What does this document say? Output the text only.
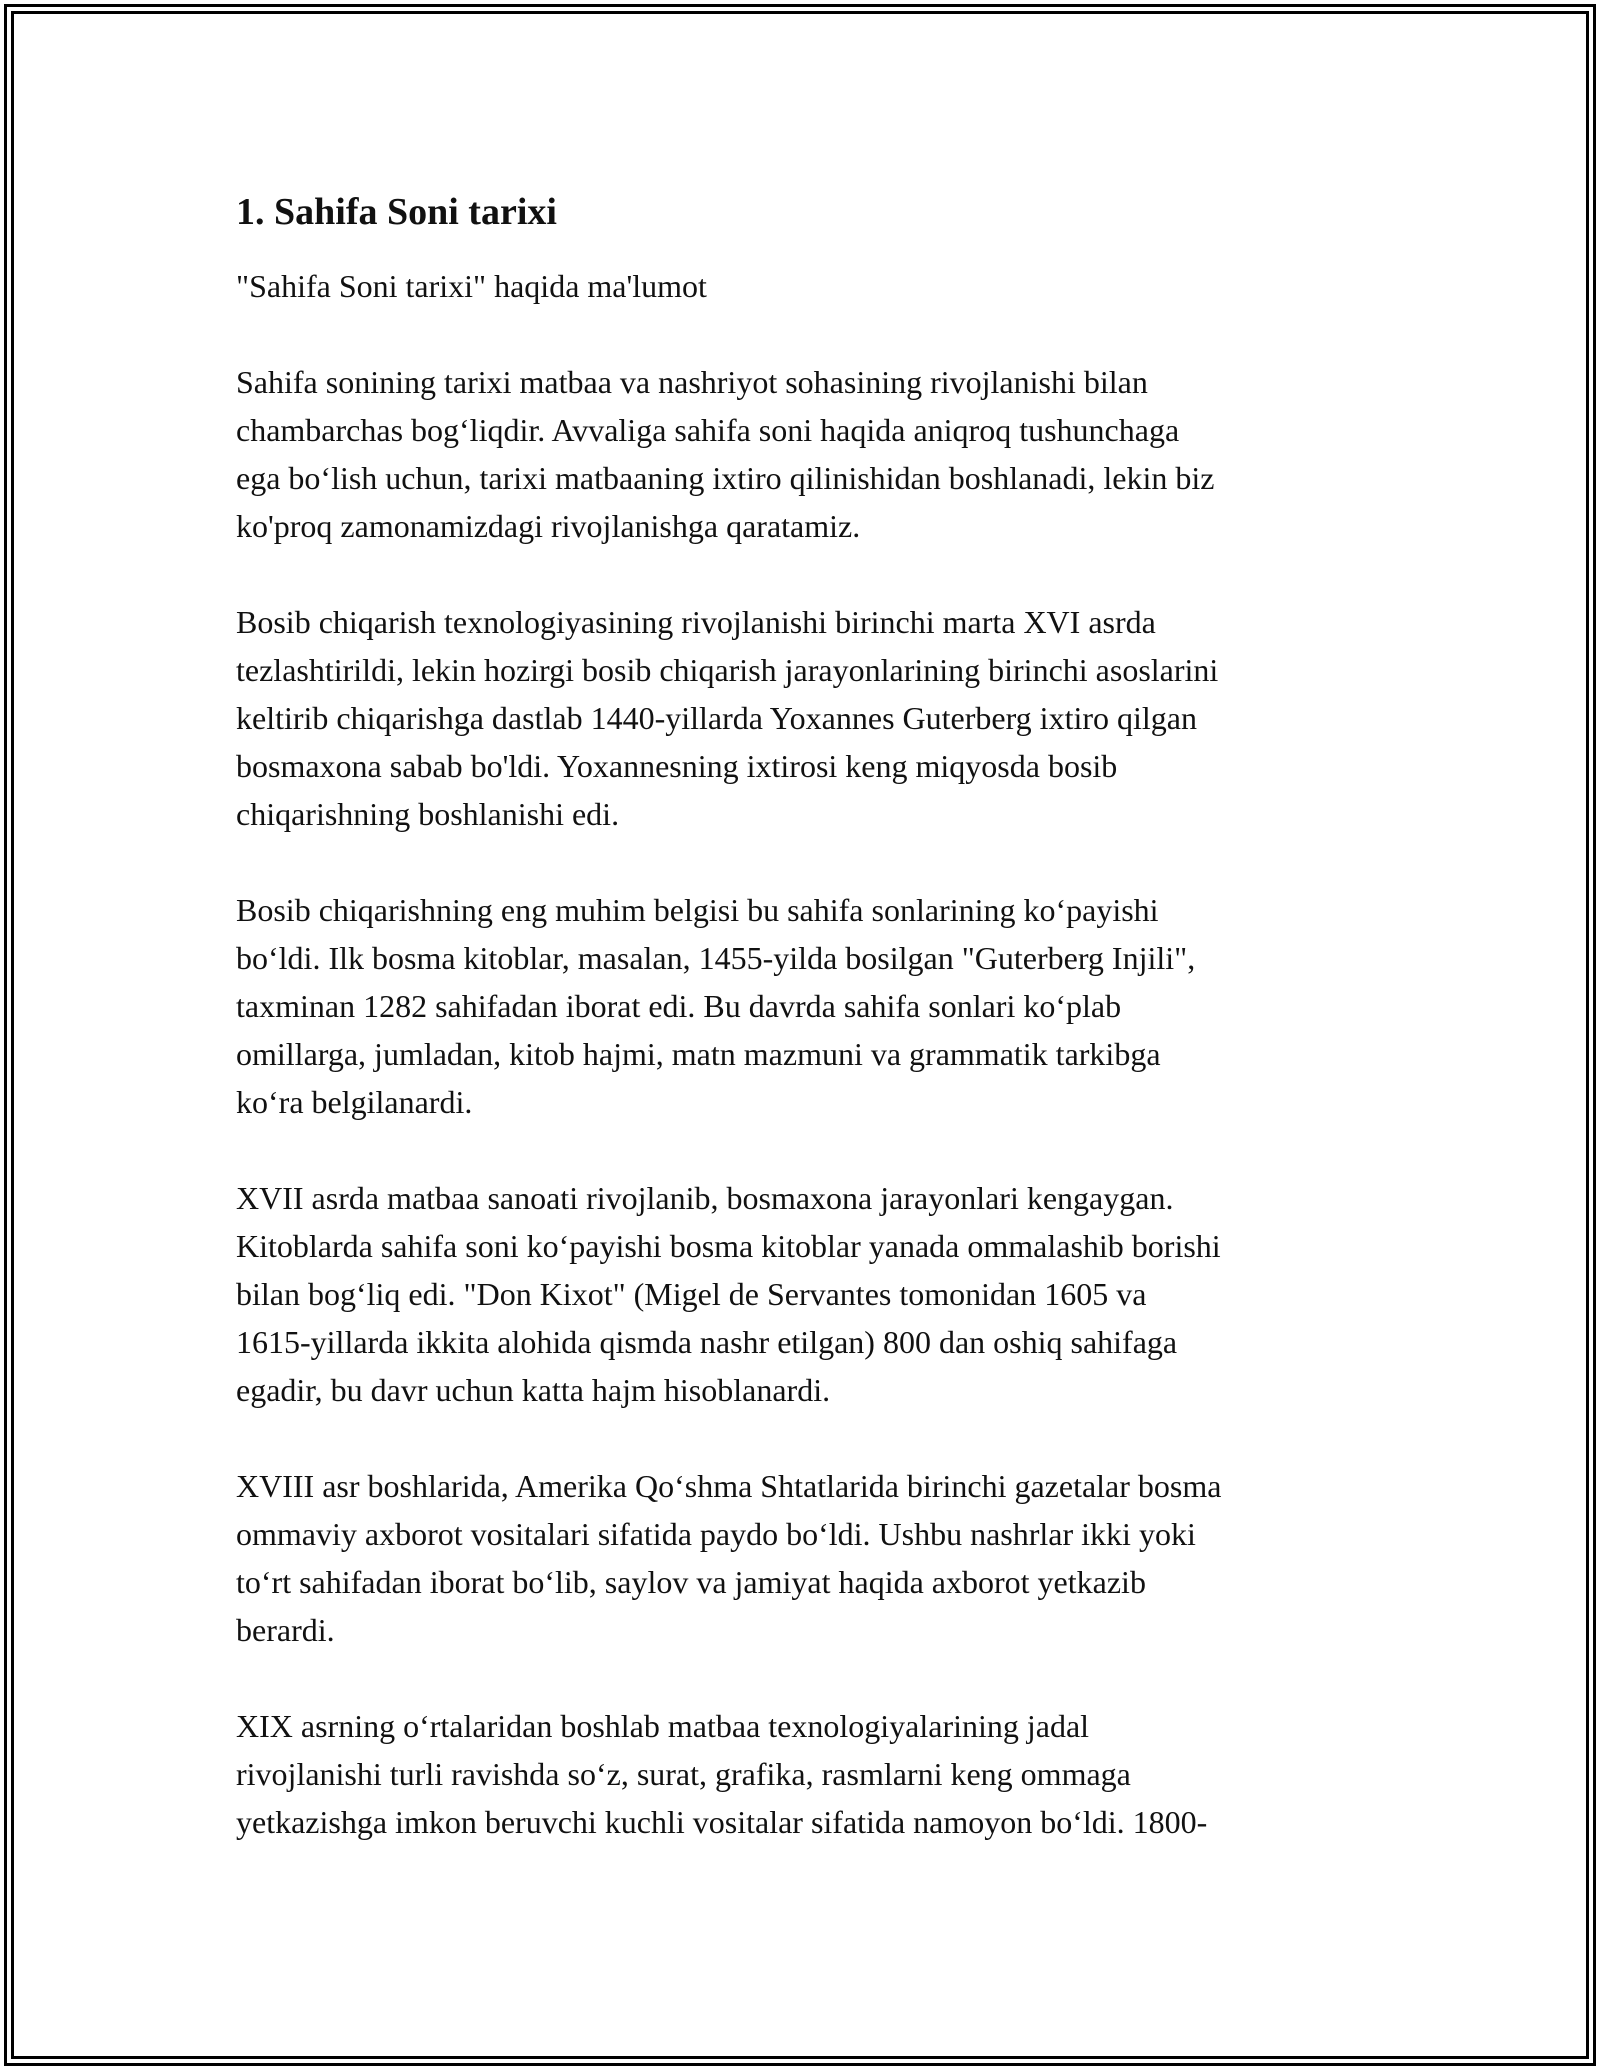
1. Sahifa Soni tarixi

"Sahifa Soni tarixi" haqida ma'lumot

Sahifa sonining tarixi matbaa va nashriyot sohasining rivojlanishi bilan
chambarchas bog‘liqdir. Avvaliga sahifa soni haqida aniqroq tushunchaga
ega bo‘lish uchun, tarixi matbaaning ixtiro qilinishidan boshlanadi, lekin biz
ko'proq zamonamizdagi rivojlanishga qaratamiz.

Bosib chiqarish texnologiyasining rivojlanishi birinchi marta XVI asrda
tezlashtirildi, lekin hozirgi bosib chiqarish jarayonlarining birinchi asoslarini
keltirib chiqarishga dastlab 1440-yillarda Yoxannes Guterberg ixtiro qilgan
bosmaxona sabab bo'ldi. Yoxannesning ixtirosi keng miqyosda bosib
chiqarishning boshlanishi edi.

Bosib chiqarishning eng muhim belgisi bu sahifa sonlarining ko‘payishi
bo‘ldi. Ilk bosma kitoblar, masalan, 1455-yilda bosilgan "Guterberg Injili",
taxminan 1282 sahifadan iborat edi. Bu davrda sahifa sonlari ko‘plab
omillarga, jumladan, kitob hajmi, matn mazmuni va grammatik tarkibga
ko‘ra belgilanardi.

XVII asrda matbaa sanoati rivojlanib, bosmaxona jarayonlari kengaygan.
Kitoblarda sahifa soni ko‘payishi bosma kitoblar yanada ommalashib borishi
bilan bog‘liq edi. "Don Kixot" (Migel de Servantes tomonidan 1605 va
1615-yillarda ikkita alohida qismda nashr etilgan) 800 dan oshiq sahifaga
egadir, bu davr uchun katta hajm hisoblanardi.

XVIII asr boshlarida, Amerika Qo‘shma Shtatlarida birinchi gazetalar bosma
ommaviy axborot vositalari sifatida paydo bo‘ldi. Ushbu nashrlar ikki yoki
to‘rt sahifadan iborat bo‘lib, saylov va jamiyat haqida axborot yetkazib
berardi.

XIX asrning o‘rtalaridan boshlab matbaa texnologiyalarining jadal
rivojlanishi turli ravishda so‘z, surat, grafika, rasmlarni keng ommaga
yetkazishga imkon beruvchi kuchli vositalar sifatida namoyon bo‘ldi. 1800-
